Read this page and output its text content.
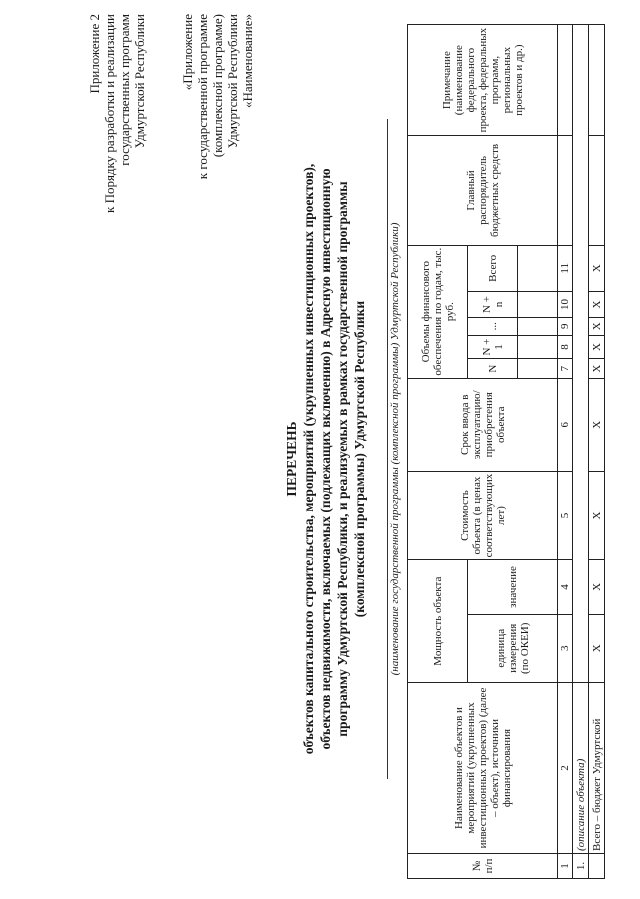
Приложение 2 к Порядку разработки и реализации государственных программ Удмуртской Республики	«Приложение к государственной программе (комплексной программе) Удмуртской Республики «Наименование»
ПЕРЕЧЕНЬ объектов капитального строительства, мероприятий (укрупненных инвестиционных проектов), объектов недвижимости, включаемых (подлежащих включению) в Адресную инвестиционную программу Удмуртской Республики, и реализуемых в рамках государственной программы (комплексной программы) Удмуртской Республики (наименование государственной программы (комплексной программы) Удмуртской Республики)
№ п/п	Наименование объектов и мероприятий (укрупненных инвестиционных проектов) (далее – объект), источники финансирования	Мощность объекта		Стоимость объекта (в ценах соответствующих лет)	Срок ввода в эксплуатацию/ приобретения объекта	Объемы финансового обеспечения по годам, тыс. руб.					Главный распорядитель бюджетных средств	Примечание (наименование федерального проекта, федеральных программ, региональных проектов и др.)
		единица измерения (по ОКЕИ)	значение			N	N + 1	...	N + n	Всего		

1	2	3	4	5	6	7	8	9	10	11		
1.	(описание объекта)											
	Всего – бюджет Удмуртской	X	X	X	X	X	X	X	X	X		
